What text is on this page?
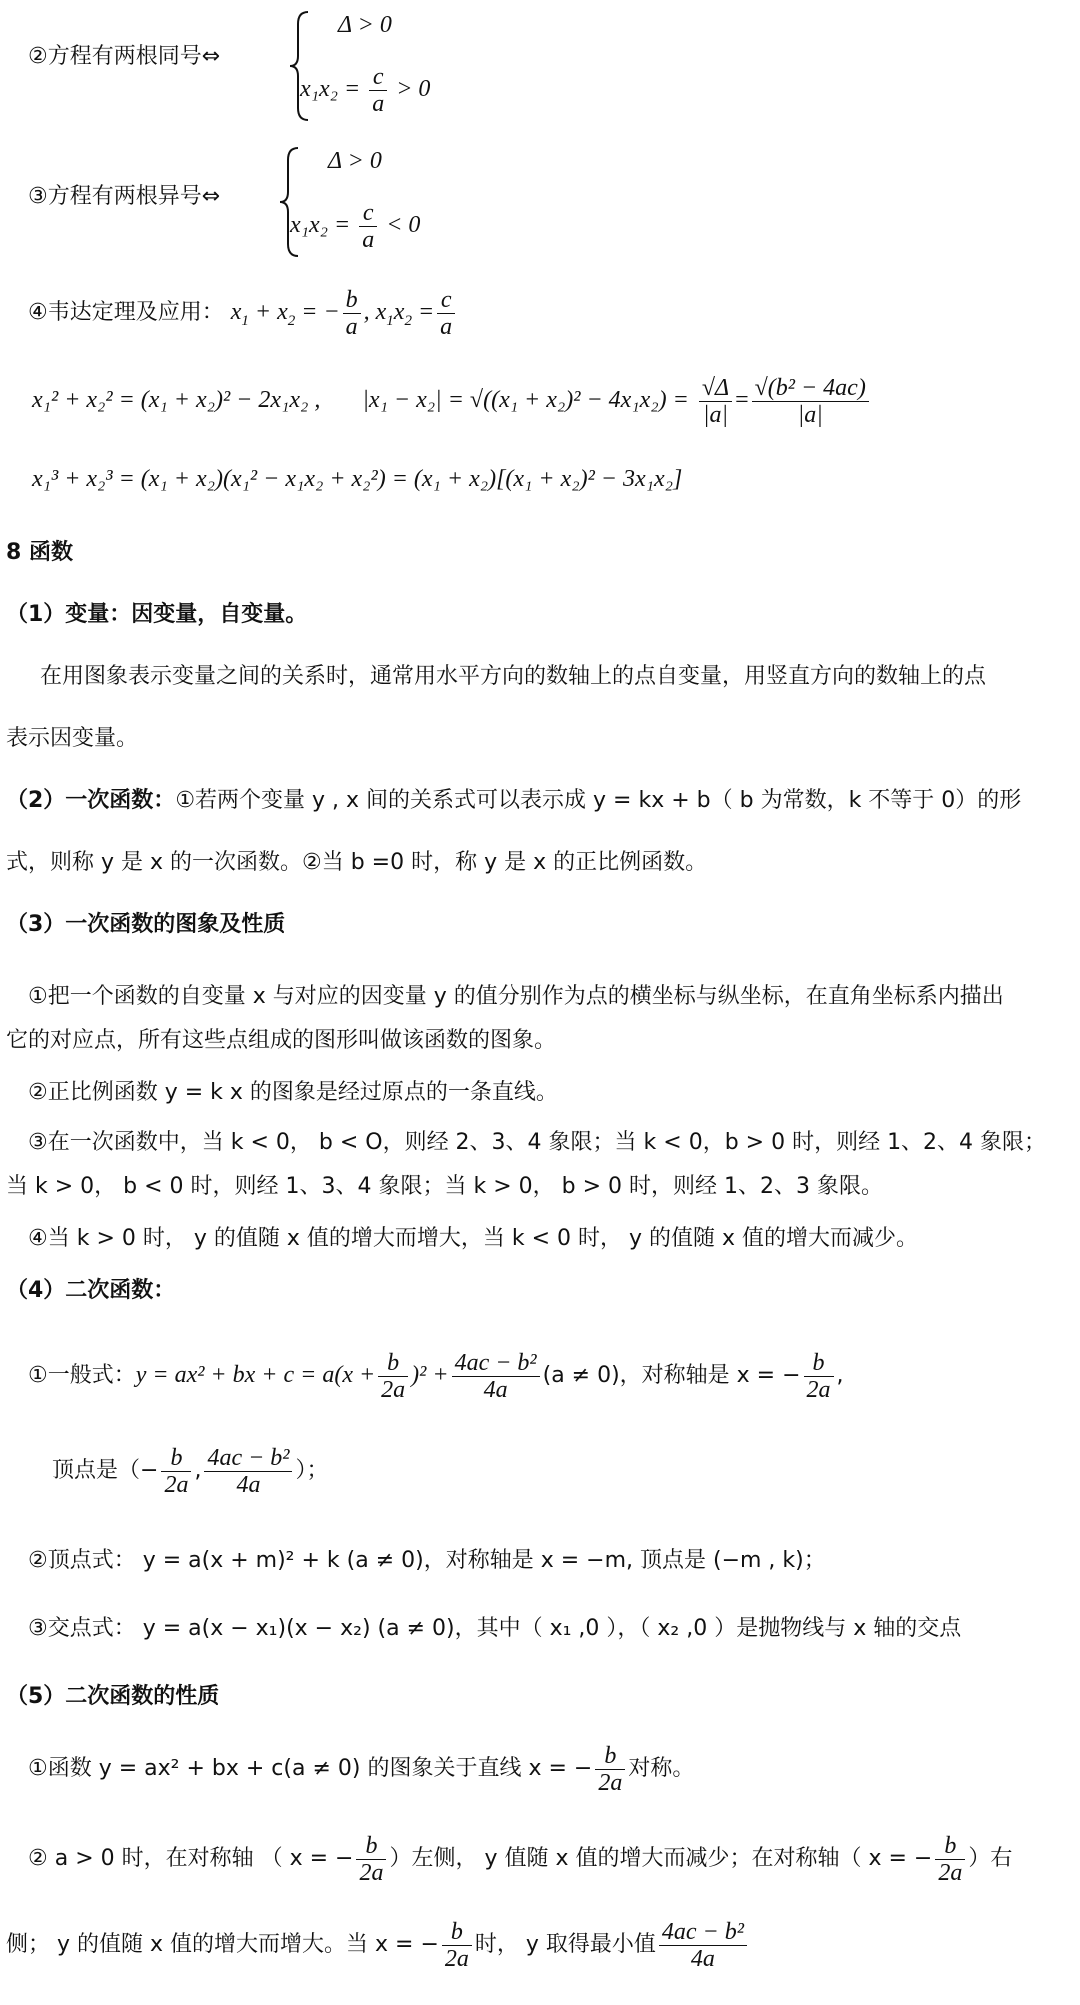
②方程有两根同号⇔
Δ > 0
$x_1x_2 = \frac{c}{a} > 0$
③方程有两根异号⇔
Δ > 0
$x_1x_2 = \frac{c}{a} < 0$
④韦达定理及应用： $x_1 + x_2$ = − $\frac{b}{a}$ , $x_1x_2 = \frac{c}{a}$
x₁² + x₂² = (x₁ + x₂)² − 2x₁x₂ , $|x_1 - x_2| = √((x_1 + x_2)^2 - 4x_1x_2) = \frac{√\Delta}{|a|} = \frac{\text{√(b² − 4ac)}}{|a|}$
x₁³ + x₂³ = (x₁ + x₂)(x₁² − x₁x₂ + x₂²) = (x₁ + x₂)[(x₁ + x₂)² − 3x₁x₂]
8 函数
（1）变量：因变量，自变量。
在用图象表示变量之间的关系时，通常用水平方向的数轴上的点自变量，用竖直方向的数轴上的点
表示因变量。
（2）一次函数：①若两个变量 y , x 间的关系式可以表示成 y = kx + b（ b 为常数，k 不等于 0）的形
式，则称 y 是 x 的一次函数。②当 b =0 时，称 y 是 x 的正比例函数。
（3）一次函数的图象及性质
①把一个函数的自变量 x 与对应的因变量 y 的值分别作为点的横坐标与纵坐标，在直角坐标系内描出
它的对应点，所有这些点组成的图形叫做该函数的图象。
②正比例函数 y = k x 的图象是经过原点的一条直线。
③在一次函数中，当 k < 0， b < O，则经 2、3、4 象限；当 k < 0，b > 0 时，则经 1、2、4 象限；
当 k > 0， b < 0 时，则经 1、3、4 象限；当 k > 0， b > 0 时，则经 1、2、3 象限。
④当 k > 0 时， y 的值随 x 值的增大而增大，当 k < 0 时， y 的值随 x 值的增大而减少。
（4）二次函数：
①一般式：y = ax² + bx + $c = a(x + \frac{b}{2a} )^2 + \frac{\text{4ac − b²}}{4a} (a \ne 0)$，对称轴是 x = − $\frac{b}{2a}$ ,
顶点是（− $\frac{b}{2a}$ , $\frac{\text{4ac − b²}}{4a}$ ）；
②顶点式： y = a(x + m)² + k (a ≠ 0)，对称轴是 x = −m, 顶点是 (−m , k)；
③交点式： y = a(x − x₁)(x − x₂) (a ≠ 0)，其中（ x₁ ,0 ），（ x₂ ,0 ）是抛物线与 x 轴的交点
（5）二次函数的性质
①函数 y = ax² + bx + c(a ≠ 0) 的图象关于直线 x = − $\frac{b}{2a}$ 对称。
② a > 0 时，在对称轴 （ x = − $\frac{b}{2a}$ ）左侧， y 值随 x 值的增大而减少；在对称轴（ x = − $\frac{b}{2a}$ ）右
侧； y 的值随 x 值的增大而增大。当 x = − $\frac{b}{2a}$ 时， y 取得最小值 $\frac{\text{4ac − b²}}{4a}$
